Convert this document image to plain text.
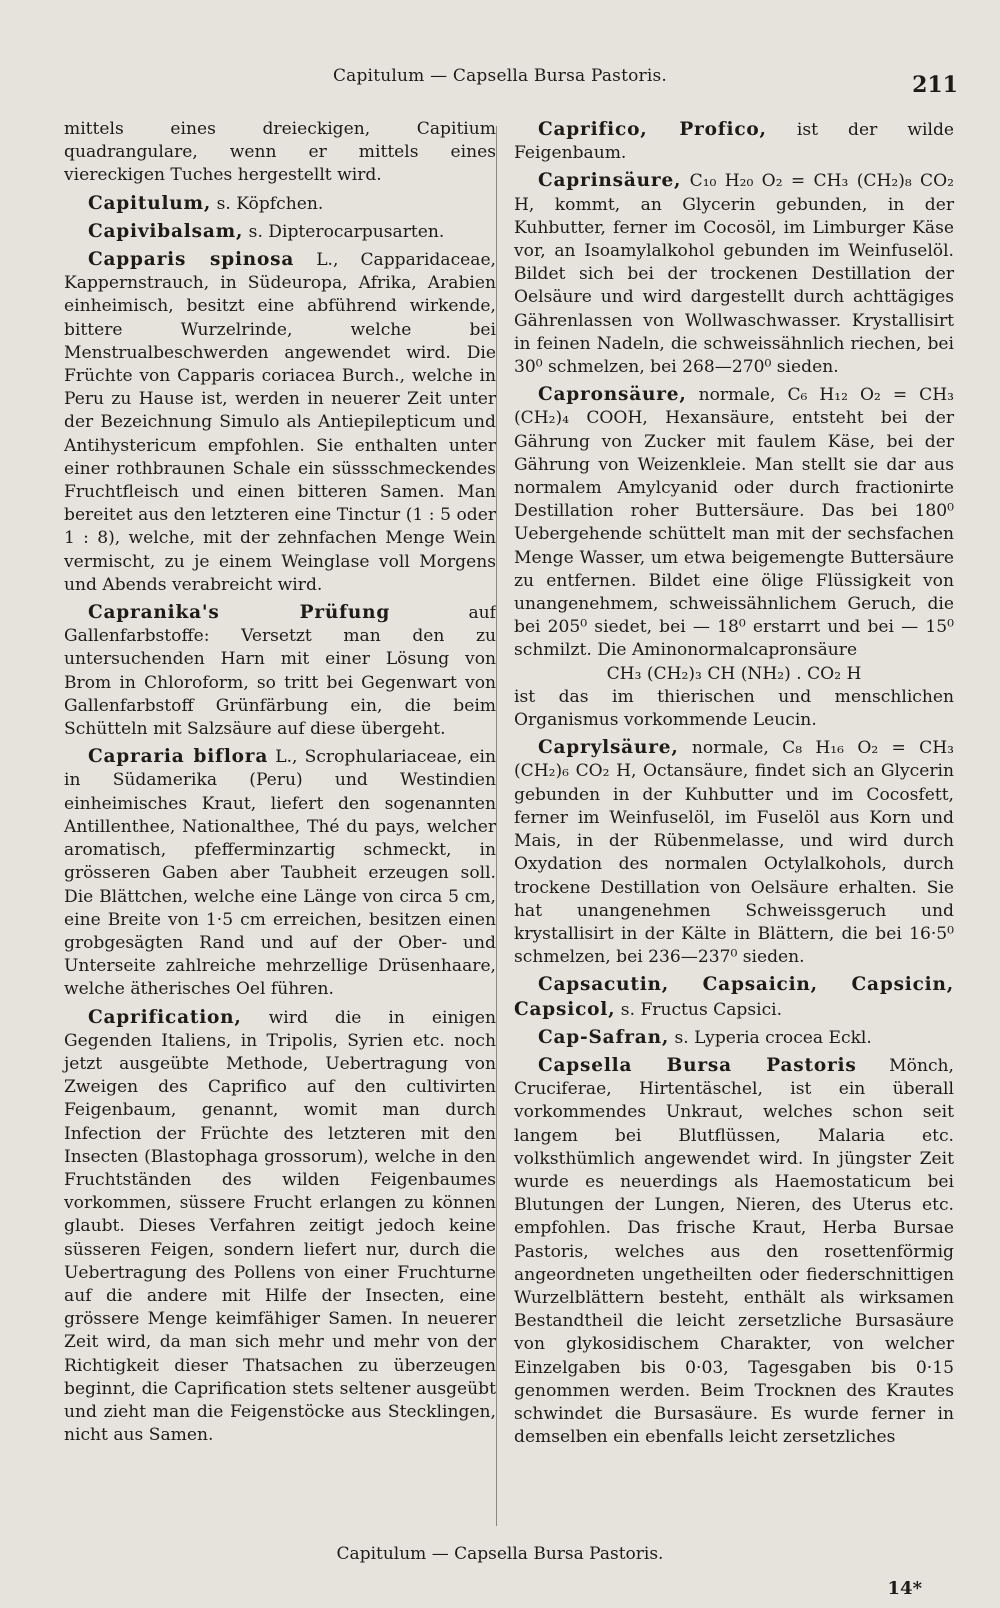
Capitulum — Capsella Bursa Pastoris.	211

mittels eines dreieckigen, Capitium quadrangulare, wenn er mittels eines viereckigen Tuches hergestellt wird.

Capitulum, s. Köpfchen.

Capivibalsam, s. Dipterocarpusarten.

Capparis spinosa L., Capparidaceae, Kappernstrauch, in Südeuropa, Afrika, Arabien einheimisch, besitzt eine abführend wirkende, bittere Wurzelrinde, welche bei Menstrualbeschwerden angewendet wird. Die Früchte von Capparis coriacea Burch., welche in Peru zu Hause ist, werden in neuerer Zeit unter der Bezeichnung Simulo als Antiepilepticum und Antihystericum empfohlen. Sie enthalten unter einer rothbraunen Schale ein süssschmeckendes Fruchtfleisch und einen bitteren Samen. Man bereitet aus den letzteren eine Tinctur (1 : 5 oder 1 : 8), welche, mit der zehnfachen Menge Wein vermischt, zu je einem Weinglase voll Morgens und Abends verabreicht wird.

Capranika's Prüfung auf Gallenfarbstoffe: Versetzt man den zu untersuchenden Harn mit einer Lösung von Brom in Chloroform, so tritt bei Gegenwart von Gallenfarbstoff Grünfärbung ein, die beim Schütteln mit Salzsäure auf diese übergeht.

Capraria biflora L., Scrophulariaceae, ein in Südamerika (Peru) und Westindien einheimisches Kraut, liefert den sogenannten Antillenthee, Nationalthee, Thé du pays, welcher aromatisch, pfefferminzartig schmeckt, in grösseren Gaben aber Taubheit erzeugen soll. Die Blättchen, welche eine Länge von circa 5 cm, eine Breite von 1·5 cm erreichen, besitzen einen grobgesägten Rand und auf der Ober- und Unterseite zahlreiche mehrzellige Drüsenhaare, welche ätherisches Oel führen.

Caprification, wird die in einigen Gegenden Italiens, in Tripolis, Syrien etc. noch jetzt ausgeübte Methode, Uebertragung von Zweigen des Caprifico auf den cultivirten Feigenbaum, genannt, womit man durch Infection der Früchte des letzteren mit den Insecten (Blastophaga grossorum), welche in den Fruchtständen des wilden Feigenbaumes vorkommen, süssere Frucht erlangen zu können glaubt. Dieses Verfahren zeitigt jedoch keine süsseren Feigen, sondern liefert nur, durch die Uebertragung des Pollens von einer Fruchturne auf die andere mit Hilfe der Insecten, eine grössere Menge keimfähiger Samen. In neuerer Zeit wird, da man sich mehr und mehr von der Richtigkeit dieser Thatsachen zu überzeugen beginnt, die Caprification stets seltener ausgeübt und zieht man die Feigenstöcke aus Stecklingen, nicht aus Samen.

Caprifico, Profico, ist der wilde Feigenbaum.

Caprinsäure, C₁₀ H₂₀ O₂ = CH₃ (CH₂)₈ CO₂ H, kommt, an Glycerin gebunden, in der Kuhbutter, ferner im Cocosöl, im Limburger Käse vor, an Isoamylalkohol gebunden im Weinfuselöl. Bildet sich bei der trockenen Destillation der Oelsäure und wird dargestellt durch achttägiges Gährenlassen von Wollwaschwasser. Krystallisirt in feinen Nadeln, die schweissähnlich riechen, bei 30⁰ schmelzen, bei 268—270⁰ sieden.

Capronsäure, normale, C₆ H₁₂ O₂ = CH₃ (CH₂)₄ COOH, Hexansäure, entsteht bei der Gährung von Zucker mit faulem Käse, bei der Gährung von Weizenkleie. Man stellt sie dar aus normalem Amylcyanid oder durch fractionirte Destillation roher Buttersäure. Das bei 180⁰ Uebergehende schüttelt man mit der sechsfachen Menge Wasser, um etwa beigemengte Buttersäure zu entfernen. Bildet eine ölige Flüssigkeit von unangenehmem, schweissähnlichem Geruch, die bei 205⁰ siedet, bei — 18⁰ erstarrt und bei — 15⁰ schmilzt. Die Aminonormalcapronsäure

CH₃ (CH₂)₃ CH (NH₂) . CO₂ H

ist das im thierischen und menschlichen Organismus vorkommende Leucin.

Caprylsäure, normale, C₈ H₁₆ O₂ = CH₃ (CH₂)₆ CO₂ H, Octansäure, findet sich an Glycerin gebunden in der Kuhbutter und im Cocosfett, ferner im Weinfuselöl, im Fuselöl aus Korn und Mais, in der Rübenmelasse, und wird durch Oxydation des normalen Octylalkohols, durch trockene Destillation von Oelsäure erhalten. Sie hat unangenehmen Schweissgeruch und krystallisirt in der Kälte in Blättern, die bei 16·5⁰ schmelzen, bei 236—237⁰ sieden.

Capsacutin, Capsaicin, Capsicin, Capsicol, s. Fructus Capsici.

Cap-Safran, s. Lyperia crocea Eckl.

Capsella Bursa Pastoris Mönch, Cruciferae, Hirtentäschel, ist ein überall vorkommendes Unkraut, welches schon seit langem bei Blutflüssen, Malaria etc. volksthümlich angewendet wird. In jüngster Zeit wurde es neuerdings als Haemostaticum bei Blutungen der Lungen, Nieren, des Uterus etc. empfohlen. Das frische Kraut, Herba Bursae Pastoris, welches aus den rosettenförmig angeordneten ungetheilten oder fiederschnittigen Wurzelblättern besteht, enthält als wirksamen Bestandtheil die leicht zersetzliche Bursasäure von glykosidischem Charakter, von welcher Einzelgaben bis 0·03, Tagesgaben bis 0·15 genommen werden. Beim Trocknen des Krautes schwindet die Bursasäure. Es wurde ferner in demselben ein ebenfalls leicht zersetzliches

Capitulum — Capsella Bursa Pastoris.
14*
